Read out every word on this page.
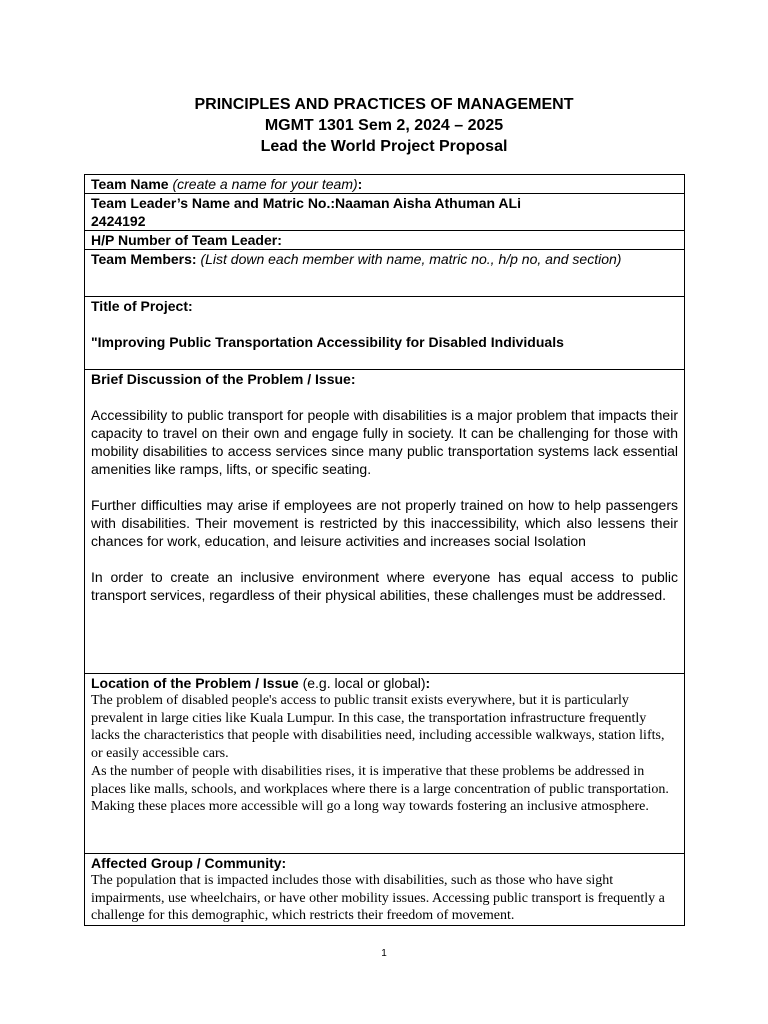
PRINCIPLES AND PRACTICES OF MANAGEMENT
MGMT 1301 Sem 2, 2024 – 2025
Lead the World Project Proposal
Team Name (create a name for your team):
Team Leader’s Name and Matric No.:Naaman Aisha Athuman ALi
2424192
H/P Number of Team Leader:
Team Members: (List down each member with name, matric no., h/p no, and section)

Title of Project:
"Improving Public Transportation Accessibility for Disabled Individuals

Brief Discussion of the Problem / Issue:

Accessibility to public transport for people with disabilities is a major problem that impacts their capacity to travel on their own and engage fully in society. It can be challenging for those with mobility disabilities to access services since many public transportation systems lack essential amenities like ramps, lifts, or specific seating.

Further difficulties may arise if employees are not properly trained on how to help passengers with disabilities. Their movement is restricted by this inaccessibility, which also lessens their chances for work, education, and leisure activities and increases social Isolation

In order to create an inclusive environment where everyone has equal access to public transport services, regardless of their physical abilities, these challenges must be addressed.

Location of the Problem / Issue (e.g. local or global):

The problem of disabled people's access to public transit exists everywhere, but it is particularly prevalent in large cities like Kuala Lumpur. In this case, the transportation infrastructure frequently lacks the characteristics that people with disabilities need, including accessible walkways, station lifts, or easily accessible cars.

As the number of people with disabilities rises, it is imperative that these problems be addressed in places like malls, schools, and workplaces where there is a large concentration of public transportation. Making these places more accessible will go a long way towards fostering an inclusive atmosphere.

Affected Group / Community:

The population that is impacted includes those with disabilities, such as those who have sight impairments, use wheelchairs, or have other mobility issues. Accessing public transport is frequently a challenge for this demographic, which restricts their freedom of movement.

1
